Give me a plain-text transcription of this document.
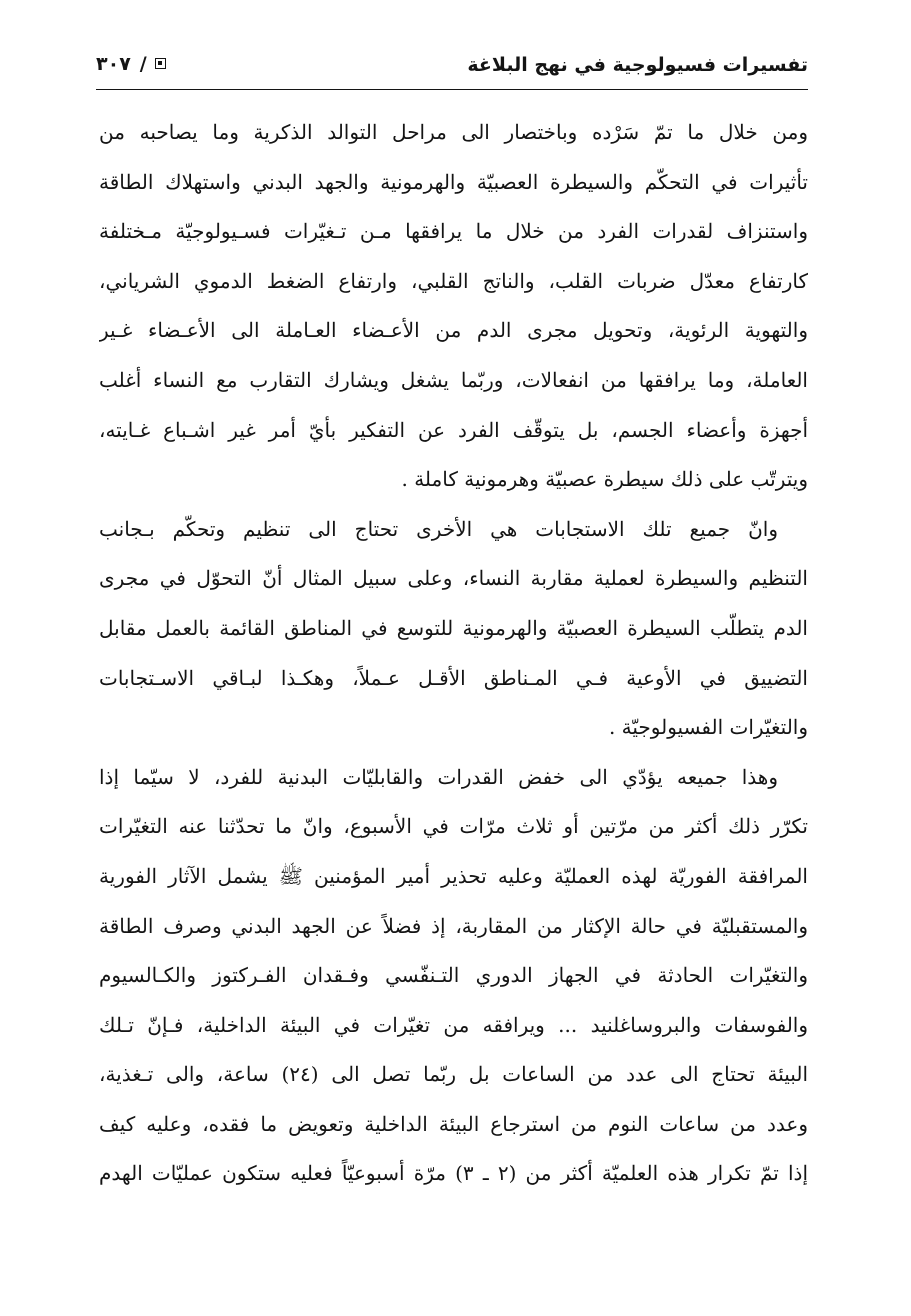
تفسيرات فسيولوجية في نهج البلاغة
٣٠٧ /
ومن خلال ما تمّ سَرْده وباختصار الى مراحل التوالد الذكرية وما يصاحبه من
تأثيرات في التحكّم والسيطرة العصبيّة والهرمونية والجهد البدني واستهلاك الطاقة
واستنزاف لقدرات الفرد من خلال ما يرافقها مـن تـغيّرات فسـيولوجيّة مـختلفة
كارتفاع معدّل ضربات القلب، والناتج القلبي، وارتفاع الضغط الدموي الشرياني،
والتهوية الرئوية، وتحويل مجرى الدم من الأعـضاء العـاملة الى الأعـضاء غـير
العاملة، وما يرافقها من انفعالات، وربّما يشغل ويشارك التقارب مع النساء أغلب
أجهزة وأعضاء الجسم، بل يتوقّف الفرد عن التفكير بأيّ أمر غير اشـباع غـايته،
ويترتّب على ذلك سيطرة عصبيّة وهرمونية كاملة .
وانّ جميع تلك الاستجابات هي الأخرى تحتاج الى تنظيم وتحكّم بـجانب
التنظيم والسيطرة لعملية مقاربة النساء، وعلى سبيل المثال أنّ التحوّل في مجرى
الدم يتطلّب السيطرة العصبيّة والهرمونية للتوسع في المناطق القائمة بالعمل مقابل
التضييق في الأوعية فـي المـناطق الأقـل عـملاً، وهكـذا لبـاقي الاسـتجابات
والتغيّرات الفسيولوجيّة .
وهذا جميعه يؤدّي الى خفض القدرات والقابليّات البدنية للفرد، لا سيّما إذا
تكرّر ذلك أكثر من مرّتين أو ثلاث مرّات في الأسبوع، وانّ ما تحدّثنا عنه التغيّرات
المرافقة الفوريّة لهذه العمليّة وعليه تحذير أمير المؤمنين ﷺ يشمل الآثار الفورية
والمستقبليّة في حالة الإكثار من المقاربة، إذ فضلاً عن الجهد البدني وصرف الطاقة
والتغيّرات الحادثة في الجهاز الدوري التـنفّسي وفـقدان الفـركتوز والكـالسيوم
والفوسفات والبروساغلنيد ... ويرافقه من تغيّرات في البيئة الداخلية، فـإنّ تـلك
البيئة تحتاج الى عدد من الساعات بل ربّما تصل الى (٢٤) ساعة، والى تـغذية،
وعدد من ساعات النوم من استرجاع البيئة الداخلية وتعويض ما فقده، وعليه كيف
إذا تمّ تكرار هذه العلميّة أكثر من (٢ ـ ٣) مرّة أسبوعيّاً فعليه ستكون عمليّات الهدم
